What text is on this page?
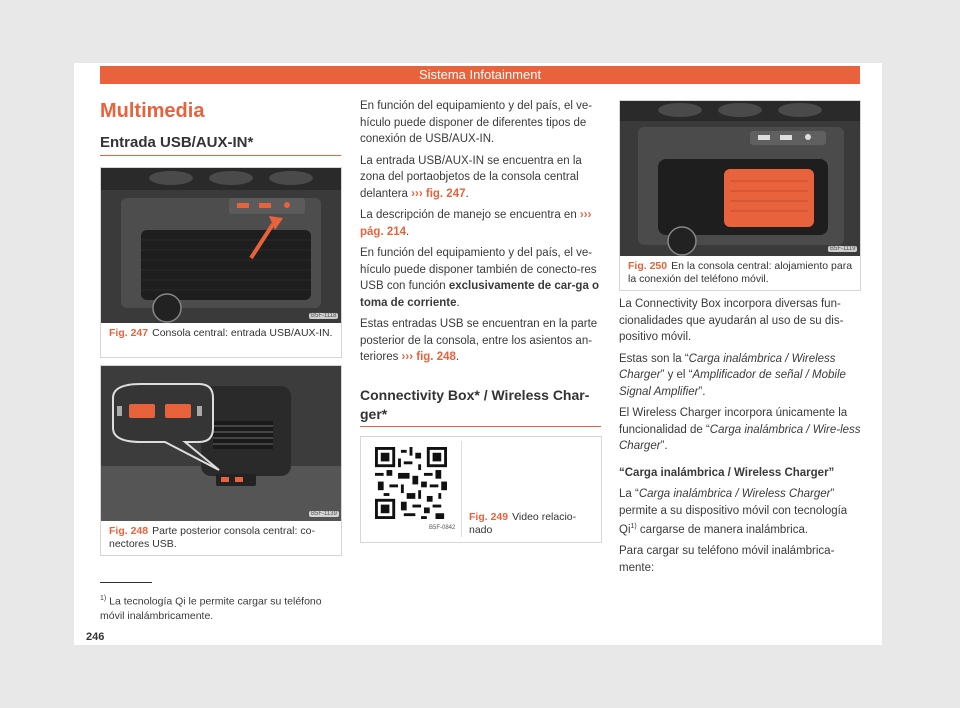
Sistema Infotainment
Multimedia
Entrada USB/AUX-IN*
B5F-1118
Fig. 247 Consola central: entrada USB/AUX-IN.
B5F-1139
Fig. 248 Parte posterior consola central: co-nectores USB.

En función del equipamiento y del país, el ve-hículo puede disponer de diferentes tipos de conexión de USB/AUX-IN.

La entrada USB/AUX-IN se encuentra en la zona del portaobjetos de la consola central delantera ››› fig. 247.

La descripción de manejo se encuentra en ››› pág. 214.

En función del equipamiento y del país, el ve-hículo puede disponer también de conecto-res USB con función exclusivamente de car-ga o toma de corriente.

Estas entradas USB se encuentran en la parte posterior de la consola, entre los asientos an-teriores ››› fig. 248.

Connectivity Box* / Wireless Char-ger*
B5F-0842
Fig. 249 Video relacio-nado
B5F-1119
Fig. 250 En la consola central: alojamiento para la conexión del teléfono móvil.

La Connectivity Box incorpora diversas fun-cionalidades que ayudarán al uso de su dis-positivo móvil.

Estas son la “Carga inalámbrica / Wireless Charger” y el “Amplificador de señal / Mobile Signal Amplifier”.

El Wireless Charger incorpora únicamente la funcionalidad de “Carga inalámbrica / Wire-less Charger”.

“Carga inalámbrica / Wireless Charger”

La “Carga inalámbrica / Wireless Charger” permite a su dispositivo móvil con tecnología Qi$^{1)}$ cargarse de manera inalámbrica.

Para cargar su teléfono móvil inalámbrica-mente:

$^{1)}$ La tecnología Qi le permite cargar su teléfono móvil inalámbricamente.
246
